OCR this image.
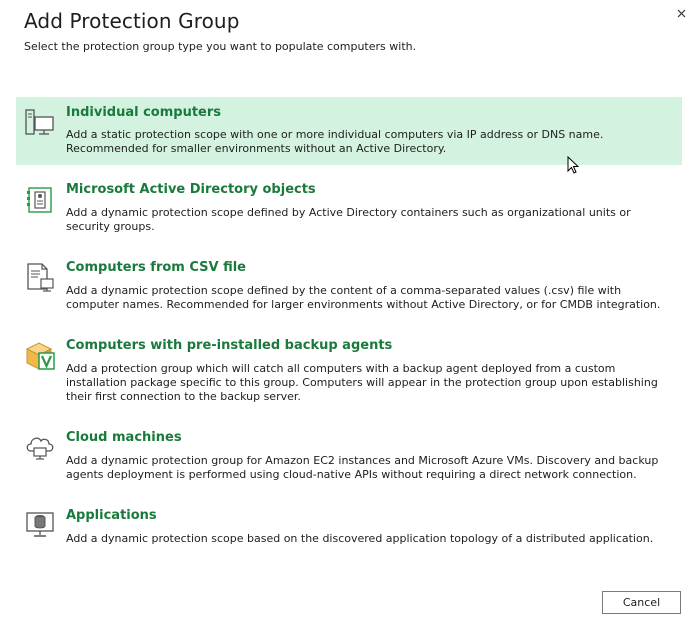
Add Protection Group
Select the protection group type you want to populate computers with.
Individual computers
Add a static protection scope with one or more individual computers via IP address or DNS name. Recommended for smaller environments without an Active Directory.
Microsoft Active Directory objects
Add a dynamic protection scope defined by Active Directory containers such as organizational units or security groups.
Computers from CSV file
Add a dynamic protection scope defined by the content of a comma-separated values (.csv) file with computer names. Recommended for larger environments without Active Directory, or for CMDB integration.
Computers with pre-installed backup agents
Add a protection group which will catch all computers with a backup agent deployed from a custom installation package specific to this group. Computers will appear in the protection group upon establishing their first connection to the backup server.
Cloud machines
Add a dynamic protection group for Amazon EC2 instances and Microsoft Azure VMs. Discovery and backup agents deployment is performed using cloud-native APIs without requiring a direct network connection.
Applications
Add a dynamic protection scope based on the discovered application topology of a distributed application.
Cancel
